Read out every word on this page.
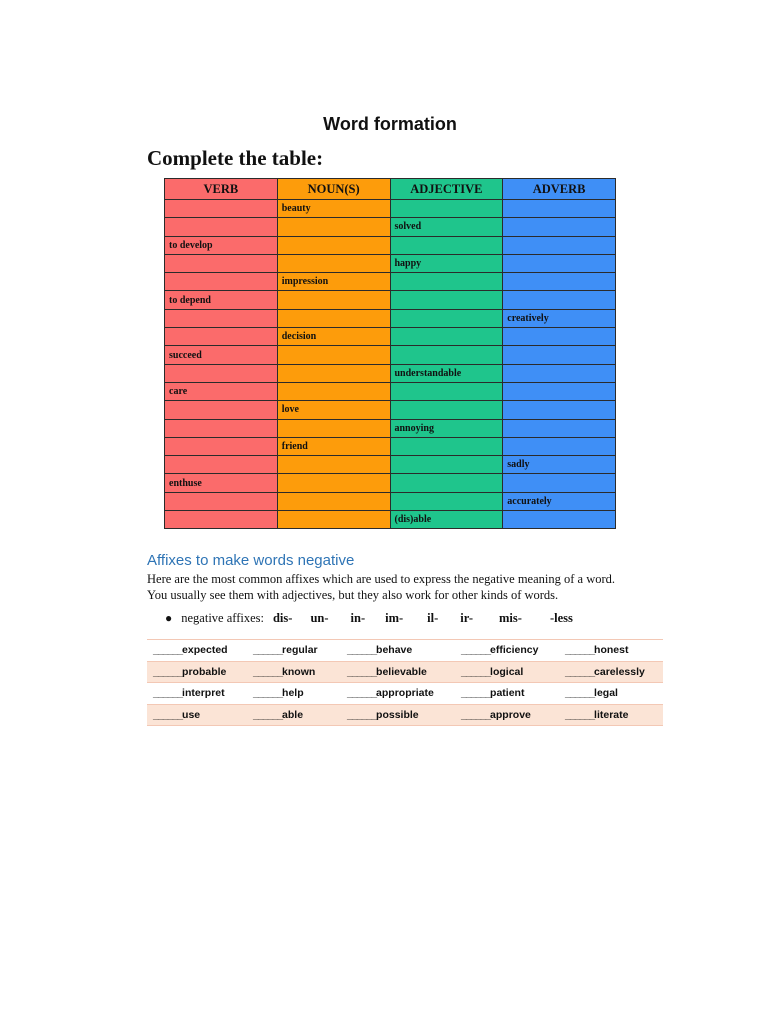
Word formation
Complete the table:
VERB	NOUN(S)	ADJECTIVE	ADVERB
	beauty		
		solved	
to develop			
		happy	
	impression		
to depend			
			creatively
	decision		
succeed			
		understandable	
care			
	love		
		annoying	
	friend		
			sadly
enthuse			
			accurately
		(dis)able	
Affixes to make words negative
Here are the most common affixes which are used to express the negative meaning of a word. You usually see them with adjectives, but they also work for other kinds of words.
● negative affixes: dis- un- in- im- il- ir- mis- -less
______expected	______regular	______behave	______efficiency	______honest
______probable	______known	______believable	______logical	______carelessly
______interpret	______help	______appropriate	______patient	______legal
______use	______able	______possible	______approve	______literate
